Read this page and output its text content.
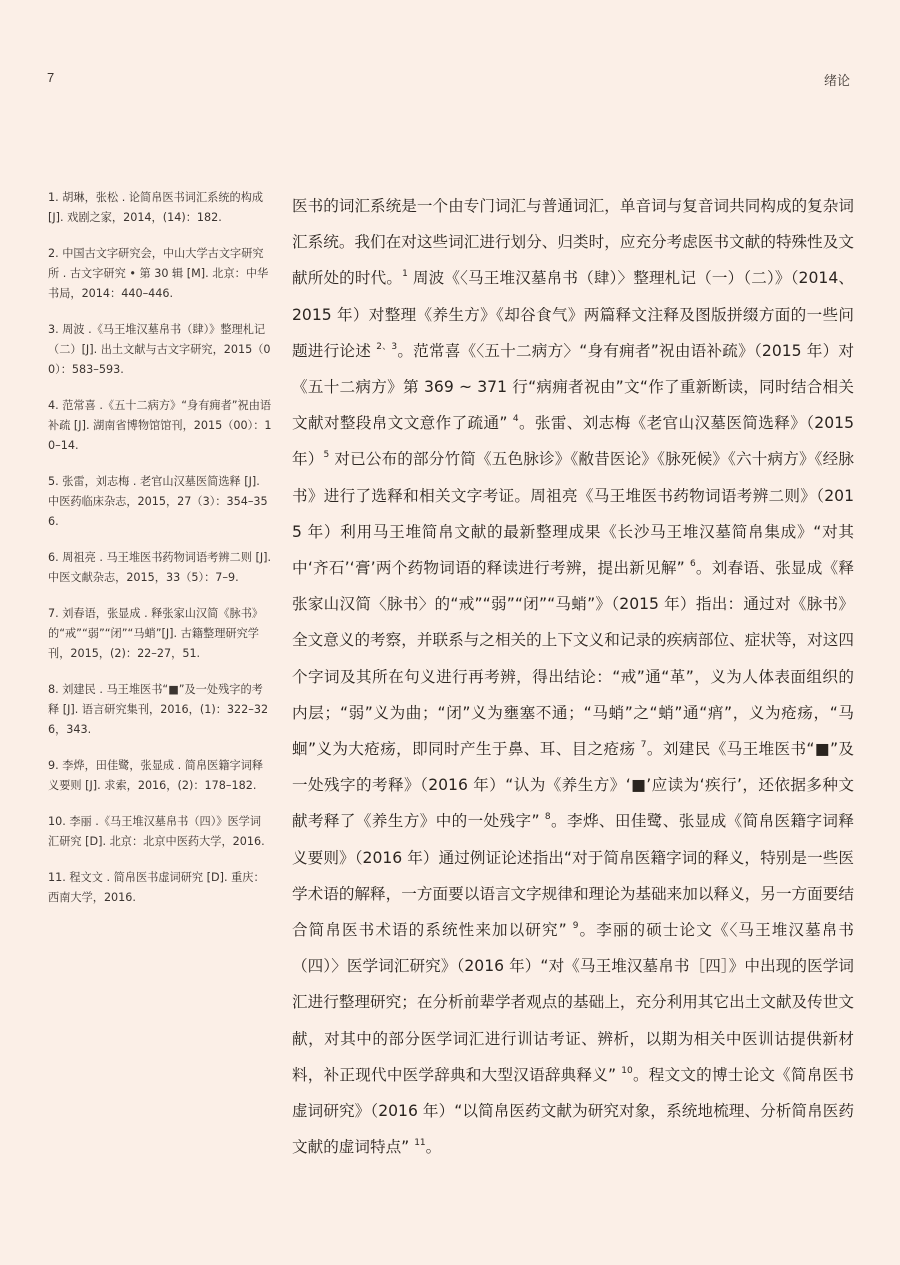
7	绪论

1. 胡琳，张松 . 论简帛医书词汇系统的构成 [J]. 戏剧之家，2014，(14)：182.

2. 中国古文字研究会，中山大学古文字研究所 . 古文字研究 • 第 30 辑 [M]. 北京：中华书局，2014：440–446.

3. 周波 .《马王堆汉墓帛书（肆）》整理札记（二）[J]. 出土文献与古文字研究，2015（00）：583–593.

4. 范常喜 .《五十二病方》“身有痈者”祝由语补疏 [J]. 湖南省博物馆馆刊，2015（00）：10–14.

5. 张雷，刘志梅 . 老官山汉墓医简选释 [J]. 中医药临床杂志，2015，27（3）：354–356.

6. 周祖亮 . 马王堆医书药物词语考辨二则 [J]. 中医文献杂志，2015，33（5）：7–9.

7. 刘春语，张显成 . 释张家山汉简《脉书》的“戒”“弱”“闭”“马蛸”[J]. 古籍整理研究学刊，2015，(2)：22–27，51.

8. 刘建民 . 马王堆医书“■”及一处残字的考释 [J]. 语言研究集刊，2016，(1)：322–326，343.

9. 李烨，田佳鹭，张显成 . 简帛医籍字词释义要则 [J]. 求索，2016，(2)：178–182.

10. 李丽 .《马王堆汉墓帛书（四）》医学词汇研究 [D]. 北京：北京中医药大学，2016.

11. 程文文 . 简帛医书虚词研究 [D]. 重庆：西南大学，2016.

医书的词汇系统是一个由专门词汇与普通词汇，单音词与复音词共同构成的复杂词汇系统。我们在对这些词汇进行划分、归类时，应充分考虑医书文献的特殊性及文献所处的时代。$^1$ 周波《〈马王堆汉墓帛书（肆）〉整理札记（一）（二）》（2014、2015 年）对整理《养生方》《却谷食气》两篇释文注释及图版拼缀方面的一些问题进行论述 $^{2、3}$。范常喜《〈五十二病方〉“身有痈者”祝由语补疏》（2015 年）对《五十二病方》第 369 ~ 371 行“病痈者祝由”文“作了重新断读，同时结合相关文献对整段帛文文意作了疏通” $^4$。张雷、刘志梅《老官山汉墓医简选释》（2015 年）$^5$ 对已公布的部分竹简《五色脉诊》《敝昔医论》《脉死候》《六十病方》《经脉书》进行了选释和相关文字考证。周祖亮《马王堆医书药物词语考辨二则》（2015 年）利用马王堆简帛文献的最新整理成果《长沙马王堆汉墓简帛集成》“对其中‘齐石’‘膏’两个药物词语的释读进行考辨，提出新见解” $^6$。刘春语、张显成《释张家山汉简〈脉书〉的“戒”“弱”“闭”“马蛸”》（2015 年）指出：通过对《脉书》全文意义的考察，并联系与之相关的上下文义和记录的疾病部位、症状等，对这四个字词及其所在句义进行再考辨，得出结论：“戒”通“革”，义为人体表面组织的内层；“弱”义为曲；“闭”义为壅塞不通；“马蛸”之“蛸”通“痟”，义为疮疡，“马蛔”义为大疮疡，即同时产生于鼻、耳、目之疮疡 $^7$。刘建民《马王堆医书“■”及一处残字的考释》（2016 年）“认为《养生方》‘■’应读为‘疾行’，还依据多种文献考释了《养生方》中的一处残字” $^8$。李烨、田佳鹭、张显成《简帛医籍字词释义要则》（2016 年）通过例证论述指出“对于简帛医籍字词的释义，特别是一些医学术语的解释，一方面要以语言文字规律和理论为基础来加以释义，另一方面要结合简帛医书术语的系统性来加以研究” $^9$。李丽的硕士论文《〈马王堆汉墓帛书（四）〉医学词汇研究》（2016 年）“对《马王堆汉墓帛书［四］》中出现的医学词汇进行整理研究；在分析前辈学者观点的基础上，充分利用其它出土文献及传世文献，对其中的部分医学词汇进行训诂考证、辨析，以期为相关中医训诂提供新材料，补正现代中医学辞典和大型汉语辞典释义” $^{10}$。程文文的博士论文《简帛医书虚词研究》（2016 年）“以简帛医药文献为研究对象，系统地梳理、分析简帛医药文献的虚词特点” $^{11}$。
